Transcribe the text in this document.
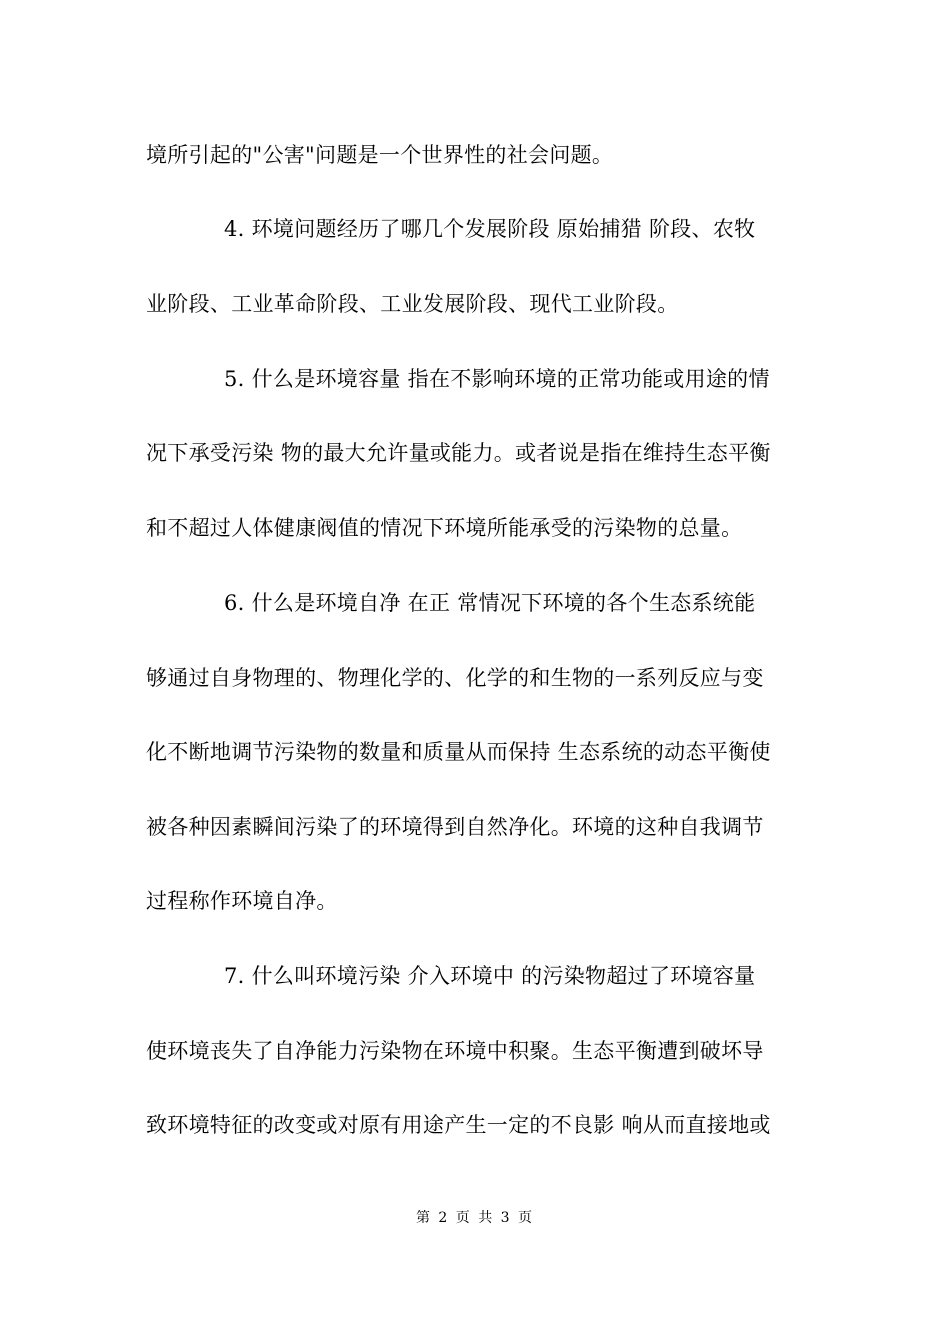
境所引起的"公害"问题是一个世界性的社会问题。
4. 环境问题经历了哪几个发展阶段 原始捕猎 阶段、农牧
业阶段、工业革命阶段、工业发展阶段、现代工业阶段。
5. 什么是环境容量 指在不影响环境的正常功能或用途的情
况下承受污染 物的最大允许量或能力。或者说是指在维持生态平衡
和不超过人体健康阀值的情况下环境所能承受的污染物的总量。
6. 什么是环境自净 在正 常情况下环境的各个生态系统能
够通过自身物理的、物理化学的、化学的和生物的一系列反应与变
化不断地调节污染物的数量和质量从而保持 生态系统的动态平衡使
被各种因素瞬间污染了的环境得到自然净化。环境的这种自我调节
过程称作环境自净。
7. 什么叫环境污染 介入环境中 的污染物超过了环境容量
使环境丧失了自净能力污染物在环境中积聚。生态平衡遭到破坏导
致环境特征的改变或对原有用途产生一定的不良影 响从而直接地或
第 2 页 共 3 页
